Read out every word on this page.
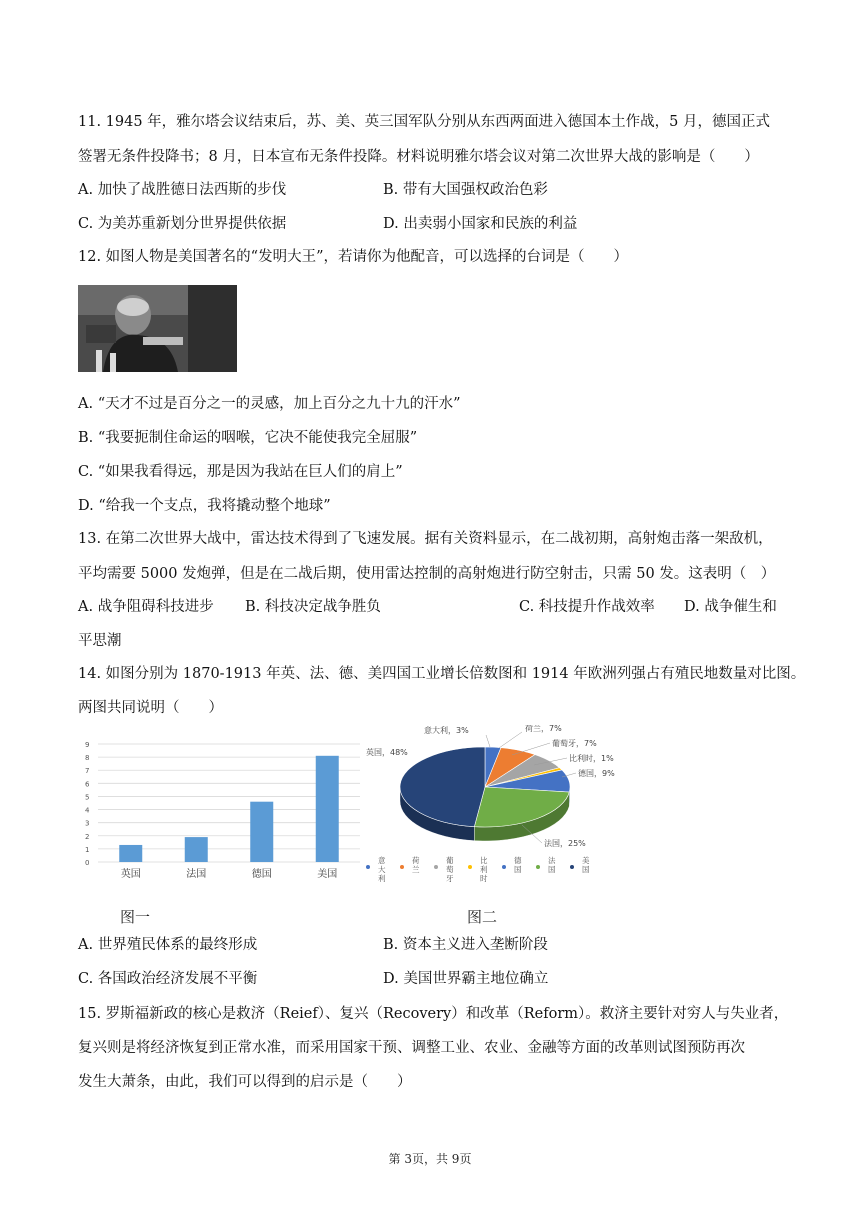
11. 1945 年，雅尔塔会议结束后，苏、美、英三国军队分别从东西两面进入德国本土作战，5 月，德国正式
签署无条件投降书；8 月，日本宣布无条件投降。材料说明雅尔塔会议对第二次世界大战的影响是（　　）
A. 加快了战胜德日法西斯的步伐	B. 带有大国强权政治色彩
C. 为美苏重新划分世界提供依据	D. 出卖弱小国家和民族的利益
12. 如图人物是美国著名的“发明大王”，若请你为他配音，可以选择的台词是（　　）
A. “天才不过是百分之一的灵感，加上百分之九十九的汗水”
B. “我要扼制住命运的咽喉，它决不能使我完全屈服”
C. “如果我看得远，那是因为我站在巨人们的肩上”
D. “给我一个支点，我将撬动整个地球”
13. 在第二次世界大战中，雷达技术得到了飞速发展。据有关资料显示，在二战初期，高射炮击落一架敌机，
平均需要 5000 发炮弹，但是在二战后期，使用雷达控制的高射炮进行防空射击，只需 50 发。这表明（　）
A. 战争阻碍科技进步 B. 科技决定战争胜负	C. 科技提升作战效率 D. 战争催生和
平思潮
14. 如图分别为 1870-1913 年英、法、德、美四国工业增长倍数图和 1914 年欧洲列强占有殖民地数量对比图。
两图共同说明（　　）
0
1
2
3
4
5
6
7
8
9
英国	法国	德国	美国
意大利，3%	荷兰，7%
葡萄牙，7%
比利时，1%
德国，9%
法国，25%
英国，48%
意
大
利
荷
兰
葡
萄
牙
比
利
时
德
国
法
国
美
国
图一	图二
A. 世界殖民体系的最终形成	B. 资本主义进入垄断阶段
C. 各国政治经济发展不平衡	D. 美国世界霸主地位确立
15. 罗斯福新政的核心是救济（Reief）、复兴（Recovery）和改革（Reform）。救济主要针对穷人与失业者，
复兴则是将经济恢复到正常水准，而采用国家干预、调整工业、农业、金融等方面的改革则试图预防再次
发生大萧条，由此，我们可以得到的启示是（　　）
第 3页，共 9页
